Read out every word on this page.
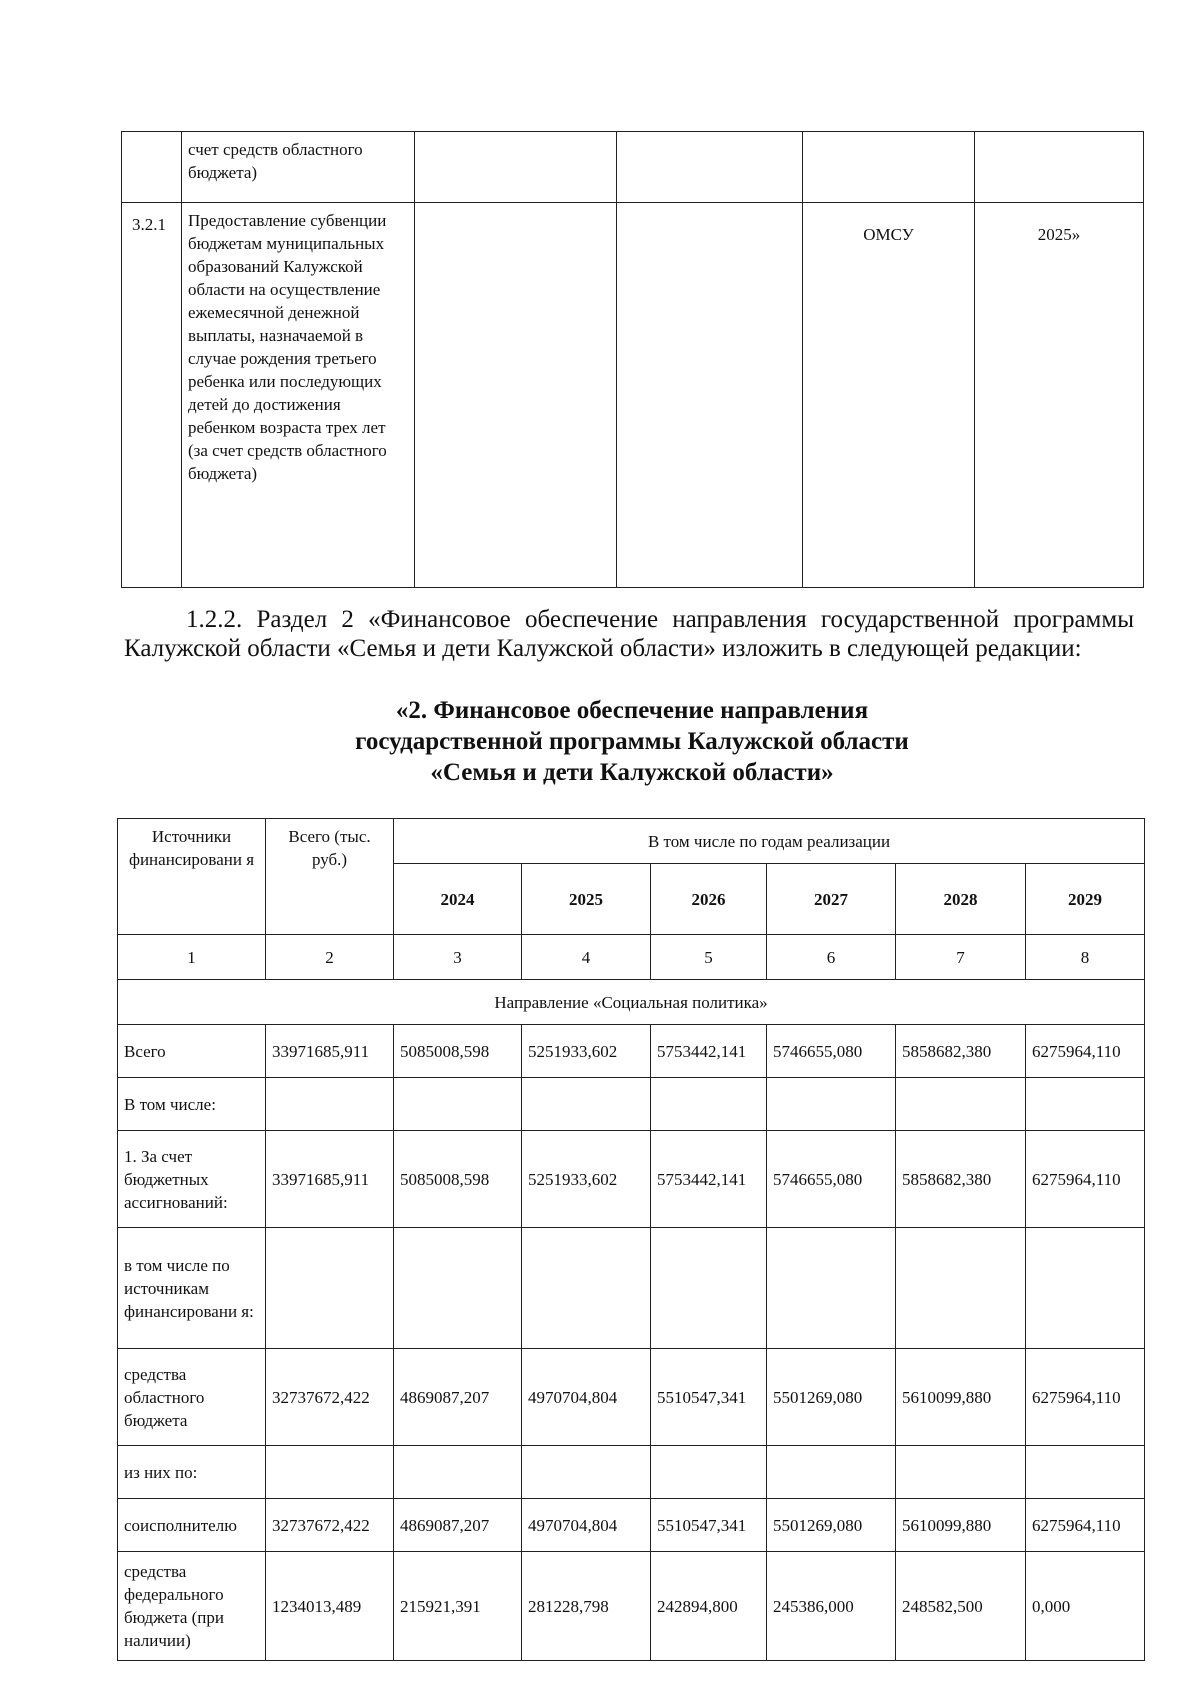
	счет средств областного бюджета)				
3.2.1	Предоставление субвенции бюджетам муниципальных образований Калужской области на осуществление ежемесячной денежной выплаты, назначаемой в случае рождения третьего ребенка или последующих детей до достижения ребенком возраста трех лет (за счет средств областного бюджета)			ОМСУ	2025»

1.2.2. Раздел 2 «Финансовое обеспечение направления государственной программы Калужской области «Семья и дети Калужской области» изложить в следующей редакции:

«2. Финансовое обеспечение направления
государственной программы Калужской области
«Семья и дети Калужской области»
Источники финансировани я	Всего (тыс. руб.)	В том числе по годам реализации					
		2024	2025	2026	2027	2028	2029
1	2	3	4	5	6	7	8
Направление «Социальная политика»							
Всего	33971685,911	5085008,598	5251933,602	5753442,141	5746655,080	5858682,380	6275964,110
В том числе:							
1. За счет бюджетных ассигнований:	33971685,911	5085008,598	5251933,602	5753442,141	5746655,080	5858682,380	6275964,110
в том числе по источникам финансировани я:							
средства областного бюджета	32737672,422	4869087,207	4970704,804	5510547,341	5501269,080	5610099,880	6275964,110
из них по:							
соисполнителю	32737672,422	4869087,207	4970704,804	5510547,341	5501269,080	5610099,880	6275964,110
средства федерального бюджета (при наличии)	1234013,489	215921,391	281228,798	242894,800	245386,000	248582,500	0,000
